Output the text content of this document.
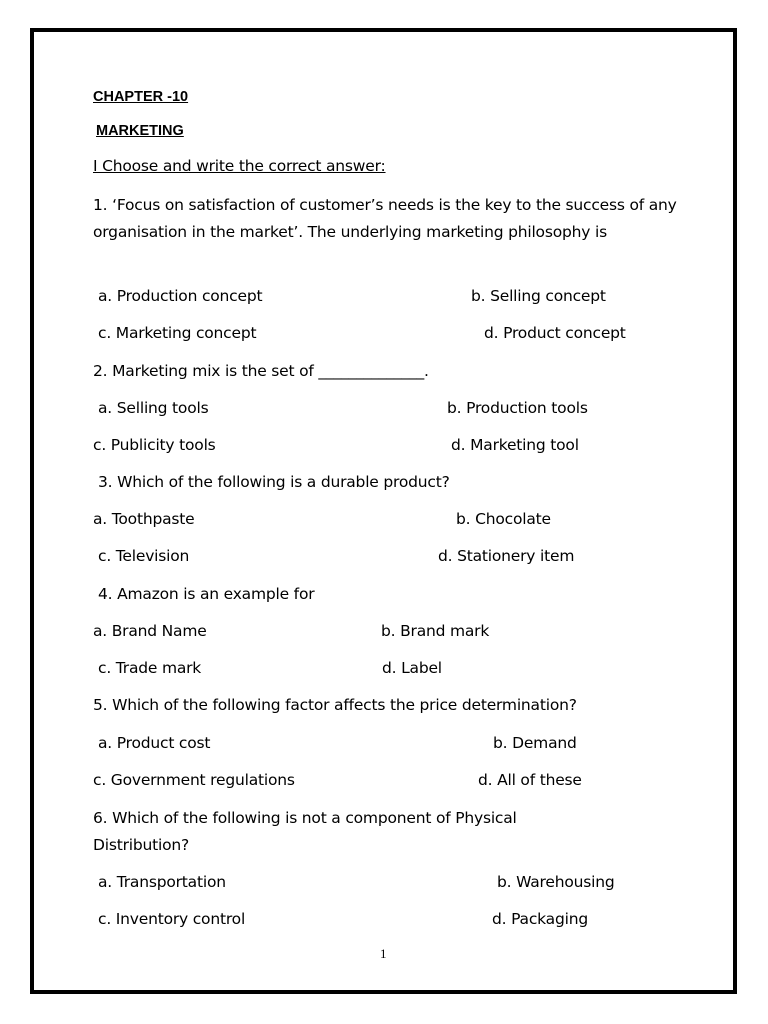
CHAPTER -10
MARKETING
I Choose and write the correct answer:
1. ‘Focus on satisfaction of customer’s needs is the key to the success of any organisation in the market’. The underlying marketing philosophy is
a. Production concept	b. Selling concept
c. Marketing concept	d. Product concept
2. Marketing mix is the set of ______________.
a. Selling tools	b. Production tools
c. Publicity tools	d. Marketing tool
3. Which of the following is a durable product?
a. Toothpaste	b. Chocolate
c. Television	d. Stationery item
4. Amazon is an example for
a. Brand Name	b. Brand mark
c. Trade mark	d. Label
5. Which of the following factor affects the price determination?
a. Product cost	b. Demand
c. Government regulations	d. All of these
6. Which of the following is not a component of Physical Distribution?
a. Transportation	b. Warehousing
c. Inventory control	d. Packaging
1
